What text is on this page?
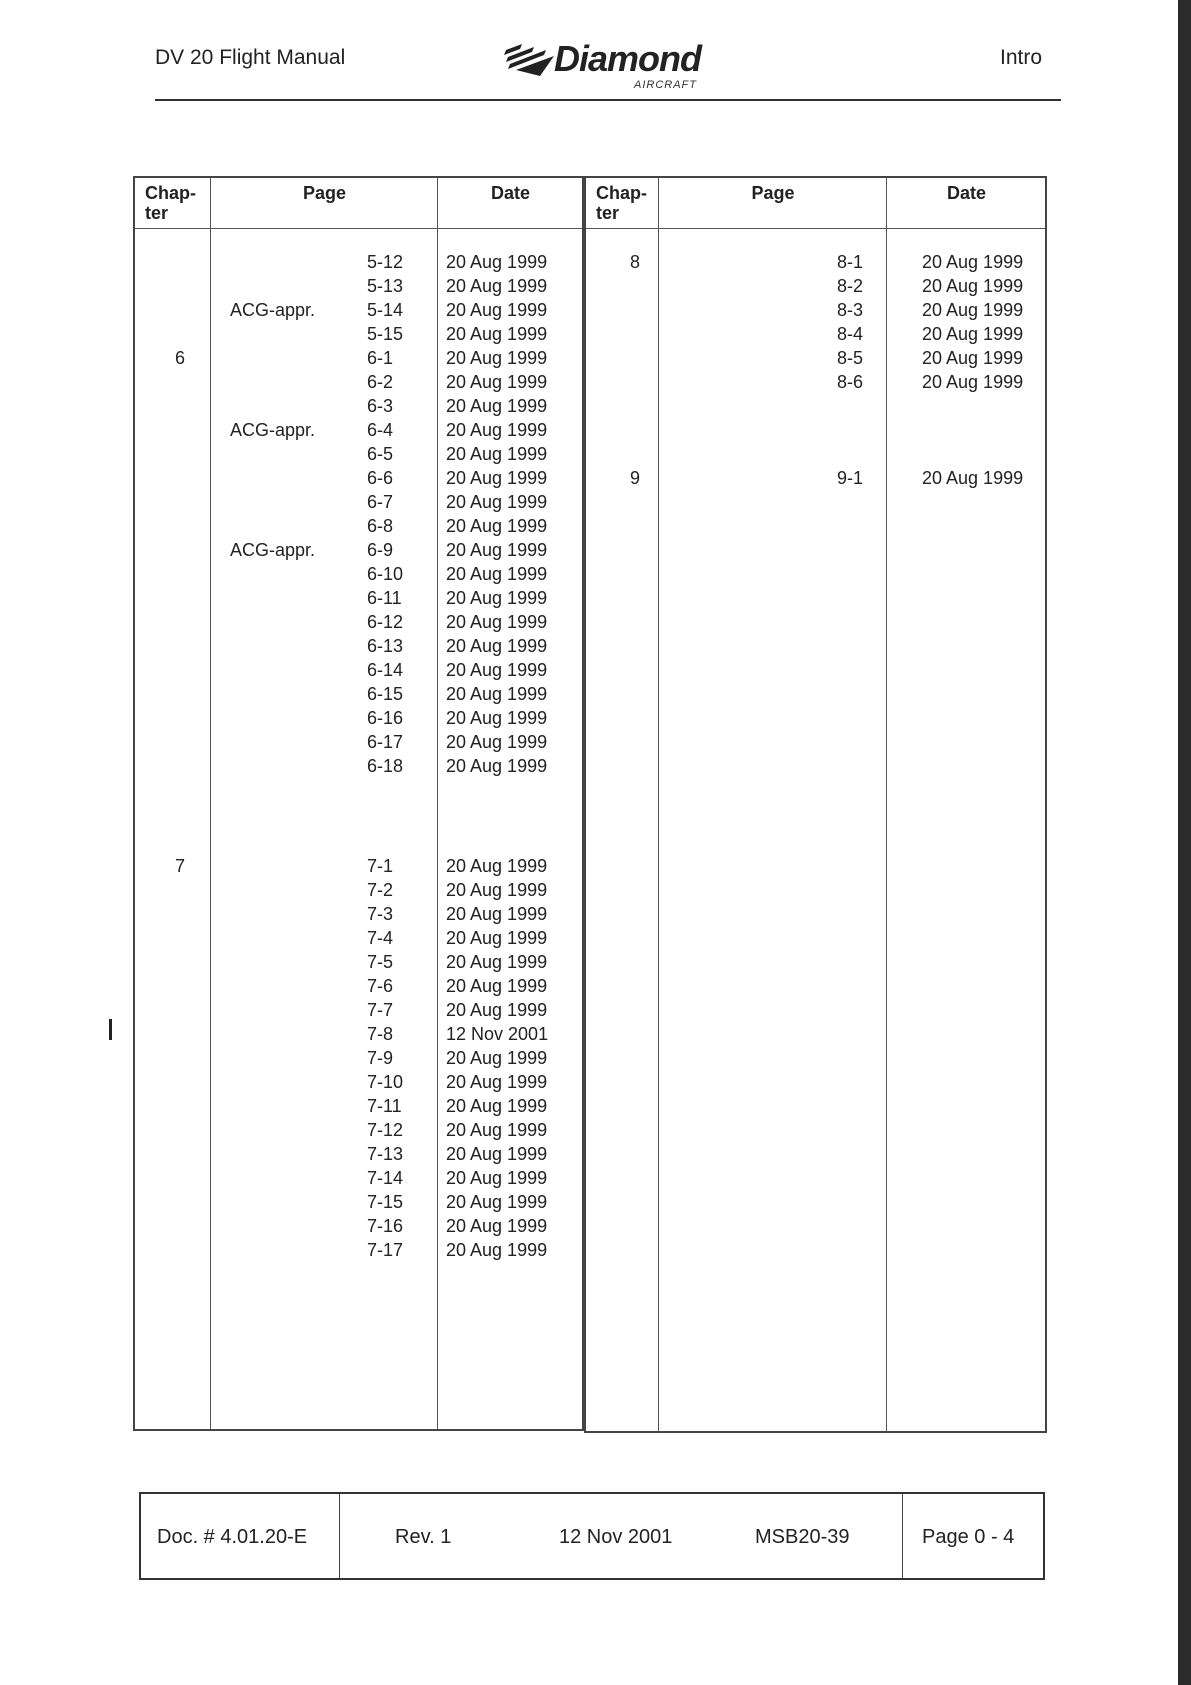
DV 20 Flight Manual	Diamond
AIRCRAFT
Intro
Chap-
ter
Page	Date
5-12 20 Aug 1999
5-13 20 Aug 1999
ACG-appr.	5-14 20 Aug 1999
5-15 20 Aug 1999
6	6-1	20 Aug 1999
6-2	20 Aug 1999
6-3	20 Aug 1999
ACG-appr.	6-4	20 Aug 1999
6-5	20 Aug 1999
6-6	20 Aug 1999
6-7	20 Aug 1999
6-8	20 Aug 1999
ACG-appr.	6-9	20 Aug 1999
6-10 20 Aug 1999
6-11 20 Aug 1999
6-12 20 Aug 1999
6-13 20 Aug 1999
6-14 20 Aug 1999
6-15 20 Aug 1999
6-16 20 Aug 1999
6-17 20 Aug 1999
6-18 20 Aug 1999
7	7-1	20 Aug 1999
7-2	20 Aug 1999
7-3	20 Aug 1999
7-4	20 Aug 1999
7-5	20 Aug 1999
7-6	20 Aug 1999
7-7	20 Aug 1999
7-8	12 Nov 2001
7-9	20 Aug 1999
7-10 20 Aug 1999
7-11 20 Aug 1999
7-12 20 Aug 1999
7-13 20 Aug 1999
7-14 20 Aug 1999
7-15 20 Aug 1999
7-16 20 Aug 1999
7-17 20 Aug 1999
Chap-
ter
Page	Date
8	8-1	20 Aug 1999
8-2	20 Aug 1999
8-3	20 Aug 1999
8-4	20 Aug 1999
8-5	20 Aug 1999
8-6	20 Aug 1999
9	9-1	20 Aug 1999
Doc. # 4.01.20-E	Rev. 1	12 Nov 2001	MSB20-39	Page 0 - 4
